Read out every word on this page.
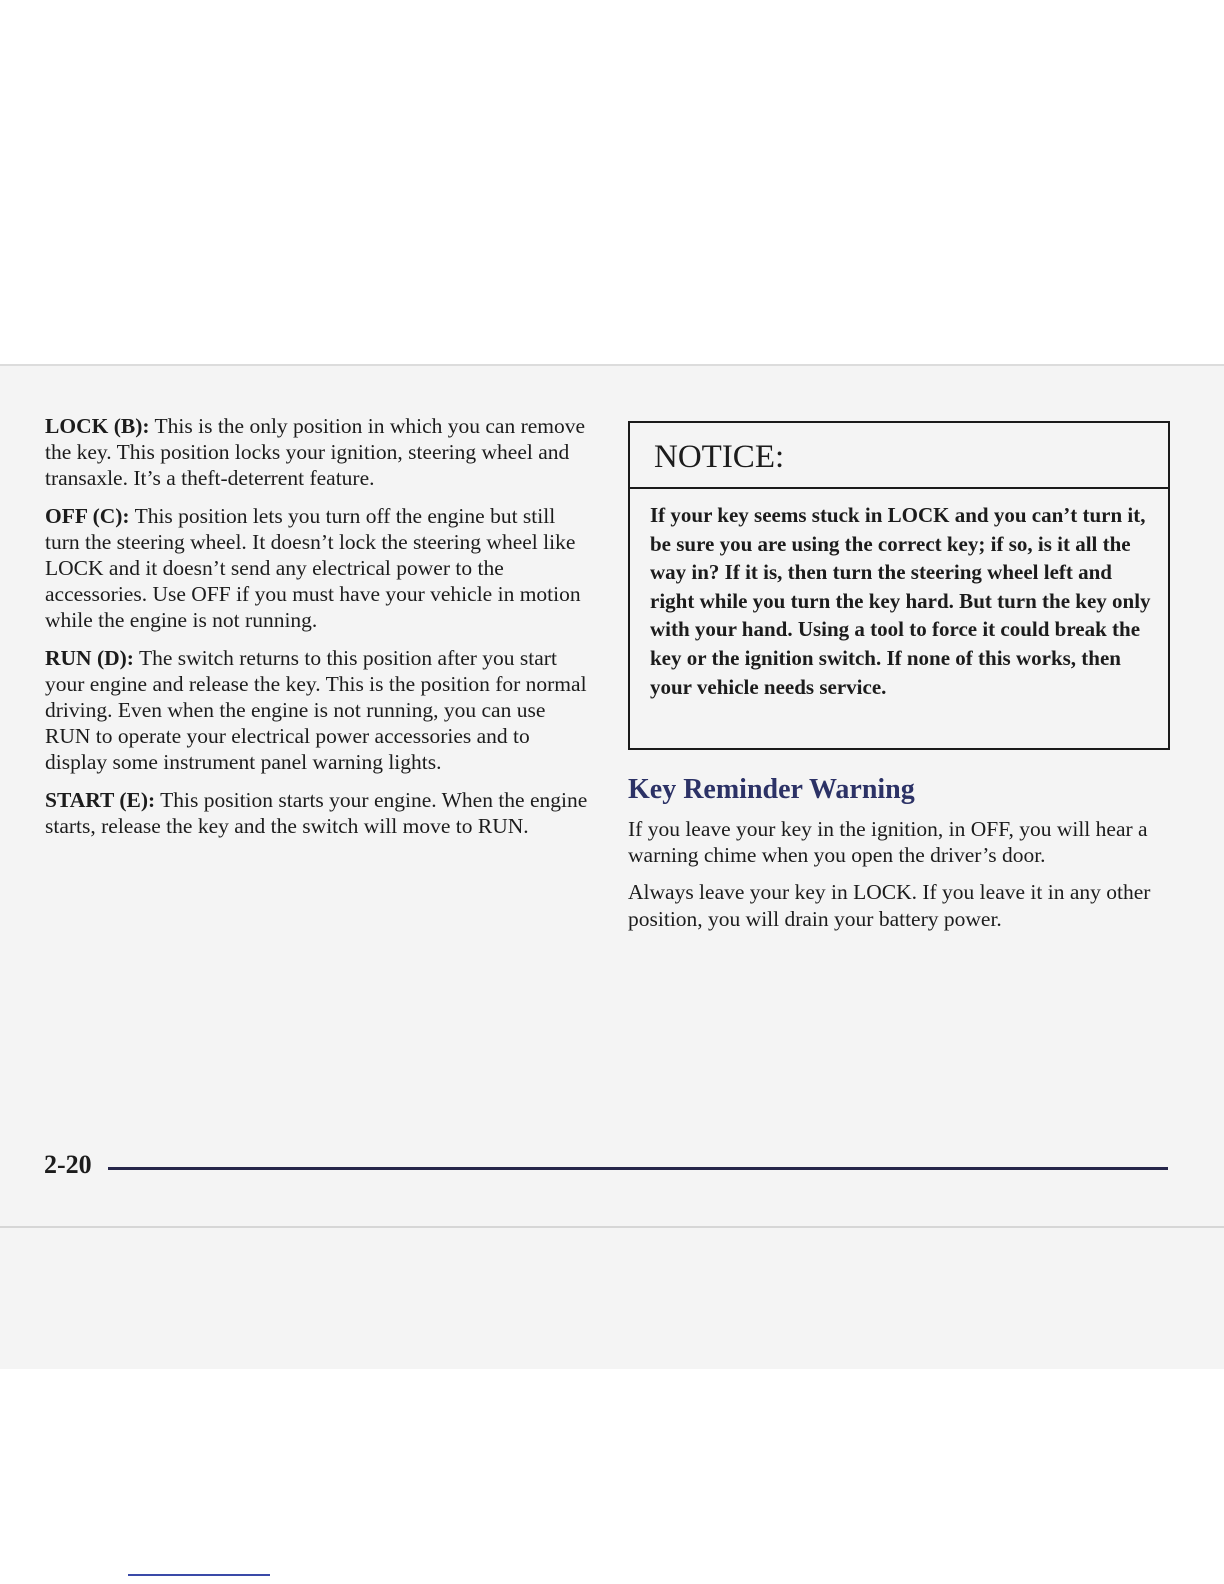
LOCK (B): This is the only position in which you can remove the key. This position locks your ignition, steering wheel and transaxle. It’s a theft-deterrent feature.

OFF (C): This position lets you turn off the engine but still turn the steering wheel. It doesn’t lock the steering wheel like LOCK and it doesn’t send any electrical power to the accessories. Use OFF if you must have your vehicle in motion while the engine is not running.

RUN (D): The switch returns to this position after you start your engine and release the key. This is the position for normal driving. Even when the engine is not running, you can use RUN to operate your electrical power accessories and to display some instrument panel warning lights.

START (E): This position starts your engine. When the engine starts, release the key and the switch will move to RUN.

NOTICE:
If your key seems stuck in LOCK and you can’t turn it, be sure you are using the correct key; if so, is it all the way in? If it is, then turn the steering wheel left and right while you turn the key hard. But turn the key only with your hand. Using a tool to force it could break the key or the ignition switch. If none of this works, then your vehicle needs service.
Key Reminder Warning

If you leave your key in the ignition, in OFF, you will hear a warning chime when you open the driver’s door.

Always leave your key in LOCK. If you leave it in any other position, you will drain your battery power.

2-20
